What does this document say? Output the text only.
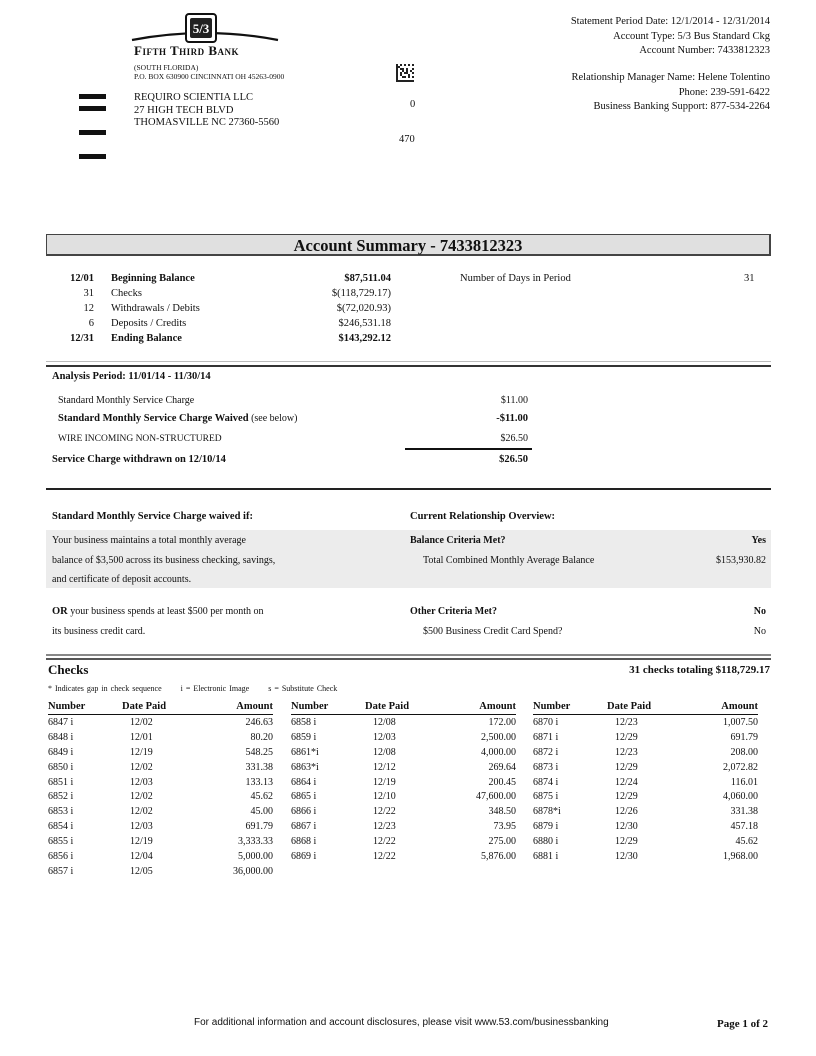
5/3
Fifth Third Bank
(SOUTH FLORIDA)
P.O. BOX 630900 CINCINNATI OH 45263-0900
REQUIRO SCIENTIA LLC
27 HIGH TECH BLVD
THOMASVILLE NC 27360-5560
0
470
Statement Period Date: 12/1/2014 - 12/31/2014
Account Type: 5/3 Bus Standard Ckg
Account Number: 7433812323
Relationship Manager Name: Helene Tolentino
Phone: 239-591-6422
Business Banking Support: 877-534-2264
Account Summary - 7433812323
12/01 Beginning Balance	$87,511.04
31 Checks	$(118,729.17)
12 Withdrawals / Debits	$(72,020.93)
6 Deposits / Credits	$246,531.18
12/31 Ending Balance	$143,292.12
Number of Days in Period	31
Analysis Period: 11/01/14 - 11/30/14
Standard Monthly Service Charge	$11.00
Standard Monthly Service Charge Waived (see below)	-$11.00
WIRE INCOMING NON-STRUCTURED	$26.50
Service Charge withdrawn on 12/10/14	$26.50
Standard Monthly Service Charge waived if:	Current Relationship Overview:
Your business maintains a total monthly average
balance of $3,500 across its business checking, savings,
and certificate of deposit accounts.
Balance Criteria Met?	Yes
Total Combined Monthly Average Balance	$153,930.82
OR your business spends at least $500 per month on
its business credit card.
Other Criteria Met?	No
$500 Business Credit Card Spend?	No
Checks	31 checks totaling $118,729.17
* Indicates gap in check sequence i = Electronic Image s = Substitute Check
Number	Date Paid	Amount
6847 i	12/02	246.63
6848 i	12/01	80.20
6849 i	12/19	548.25
6850 i	12/02	331.38
6851 i	12/03	133.13
6852 i	12/02	45.62
6853 i	12/02	45.00
6854 i	12/03	691.79
6855 i	12/19	3,333.33
6856 i	12/04	5,000.00
6857 i	12/05	36,000.00
Number	Date Paid	Amount
6858 i	12/08	172.00
6859 i	12/03	2,500.00
6861*i	12/08	4,000.00
6863*i	12/12	269.64
6864 i	12/19	200.45
6865 i	12/10	47,600.00
6866 i	12/22	348.50
6867 i	12/23	73.95
6868 i	12/22	275.00
6869 i	12/22	5,876.00
Number	Date Paid	Amount
6870 i	12/23	1,007.50
6871 i	12/29	691.79
6872 i	12/23	208.00
6873 i	12/29	2,072.82
6874 i	12/24	116.01
6875 i	12/29	4,060.00
6878*i	12/26	331.38
6879 i	12/30	457.18
6880 i	12/29	45.62
6881 i	12/30	1,968.00
For additional information and account disclosures, please visit www.53.com/businessbanking	Page 1 of 2
